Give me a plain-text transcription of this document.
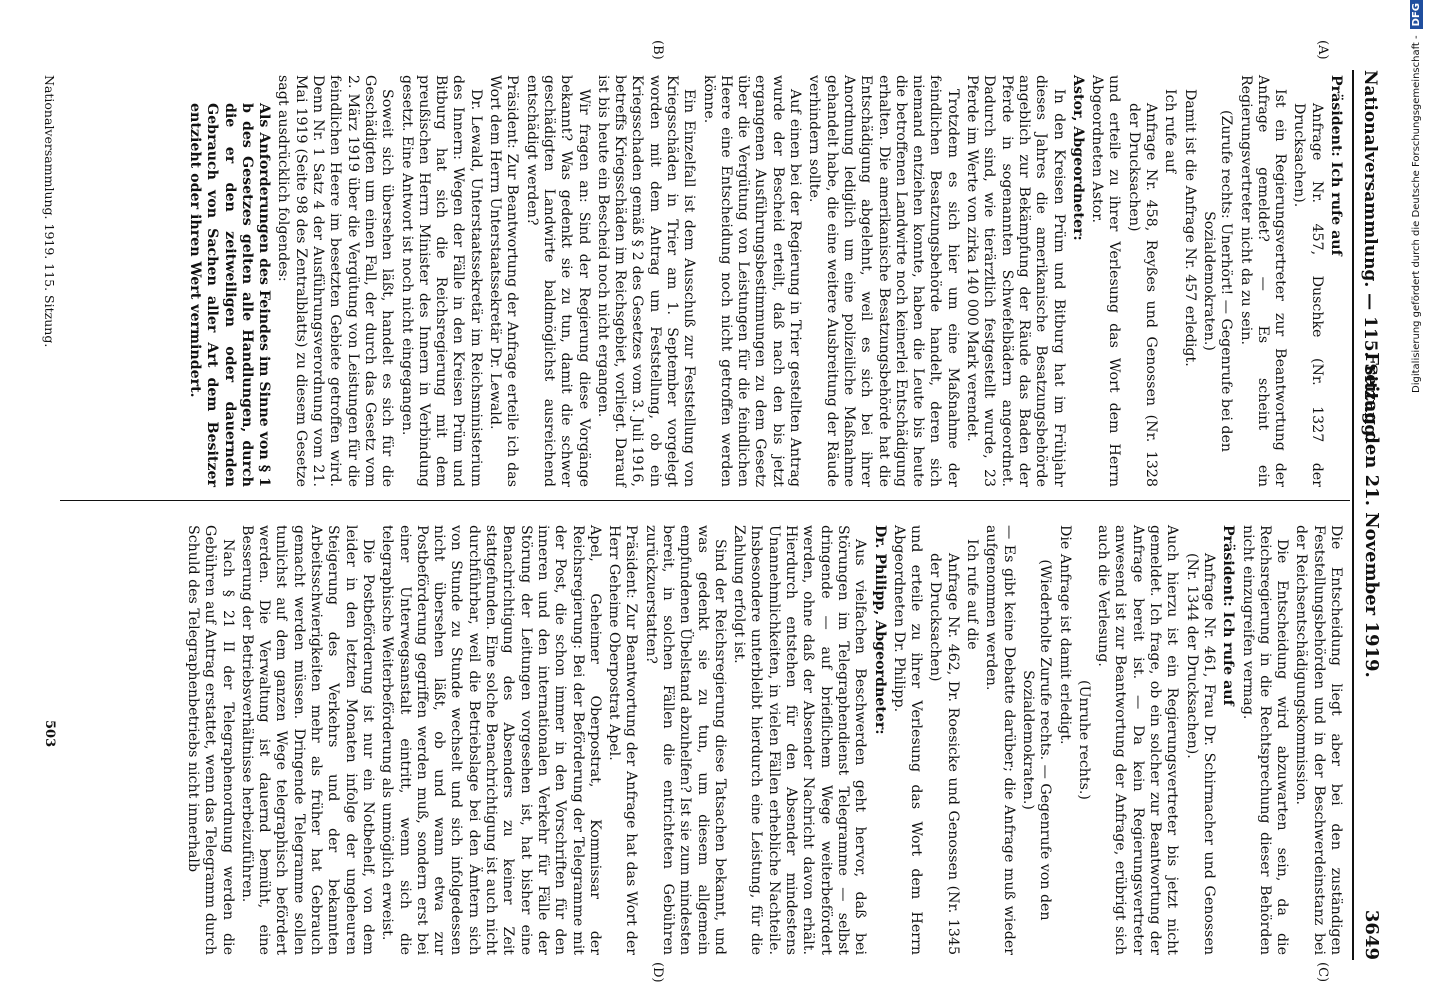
Nationalversammlung. — 115. Sitzung.
Freitag den 21. November 1919.
3649
(A)
(B)
(C)
(D)

Präsident: Ich rufe auf

Anfrage Nr. 457, Duschke (Nr. 1327 der Drucksachen).

Ist ein Regierungsvertreter zur Beantwortung der Anfrage gemeldet? — Es scheint ein Regierungsvertreter nicht da zu sein.

(Zurufe rechts: Unerhört! — Gegenrufe bei den Sozialdemokraten.)

Damit ist die Anfrage Nr. 457 erledigt.

Ich rufe auf

Anfrage Nr. 458, Reyßes und Genossen (Nr. 1328 der Drucksachen)

und erteile zu ihrer Verlesung das Wort dem Herrn Abgeordneten Astor.

Astor, Abgeordneter:

In den Kreisen Prüm und Bitburg hat im Frühjahr dieses Jahres die amerikanische Besatzungsbehörde angeblich zur Bekämpfung der Räude das Baden der Pferde in sogenannten Schwefelbädern angeordnet. Dadurch sind, wie tierärztlich festgestellt wurde, 23 Pferde im Werte von zirka 140 000 Mark verendet.

Trotzdem es sich hier um eine Maßnahme der feindlichen Besatzungsbehörde handelt, deren sich niemand entziehen konnte, haben die Leute bis heute die betroffenen Landwirte noch keinerlei Entschädigung erhalten. Die amerikanische Besatzungsbehörde hat die Entschädigung abgelehnt, weil es sich bei ihrer Anordnung lediglich um eine polizeiliche Maßnahme gehandelt habe, die eine weitere Ausbreitung der Räude verhindern sollte.

Auf einen bei der Regierung in Trier gestellten Antrag wurde der Bescheid erteilt, daß nach den bis jetzt ergangenen Ausführungsbestimmungen zu dem Gesetz über die Vergütung von Leistungen für die feindlichen Heere eine Entscheidung noch nicht getroffen werden könne.

Ein Einzelfall ist dem Ausschuß zur Feststellung von Kriegsschäden in Trier am 1. September vorgelegt worden mit dem Antrag um Feststellung, ob ein Kriegsschaden gemäß § 2 des Gesetzes vom 3. Juli 1916, betreffs Kriegsschäden im Reichsgebiet, vorliegt. Darauf ist bis heute ein Bescheid noch nicht ergangen.

Wir fragen an: Sind der Regierung diese Vorgänge bekannt? Was gedenkt sie zu tun, damit die schwer geschädigten Landwirte baldmöglichst ausreichend entschädigt werden?

Präsident: Zur Beantwortung der Anfrage erteile ich das Wort dem Herrn Unterstaatssekretär Dr. Lewald.

Dr. Lewald, Unterstaatssekretär im Reichsministerium des Innern: Wegen der Fälle in den Kreisen Prüm und Bitburg hat sich die Reichsregierung mit dem preußischen Herrn Minister des Innern in Verbindung gesetzt. Eine Antwort ist noch nicht eingegangen.

Soweit sich übersehen läßt, handelt es sich für die Geschädigten um einen Fall, der durch das Gesetz vom 2. März 1919 über die Vergütung von Leistungen für die feindlichen Heere im besetzten Gebiete getroffen wird. Denn Nr. 1 Satz 4 der Ausführungsverordnung vom 21. Mai 1919 (Seite 98 des Zentralblatts) zu diesem Gesetze sagt ausdrücklich folgendes:

Als Anforderungen des Feindes im Sinne von § 1 b des Gesetzes gelten alle Handlungen, durch die er den zeitweiligen oder dauernden Gebrauch von Sachen aller Art dem Besitzer entzieht oder ihren Wert vermindert.

Die Entscheidung liegt aber bei den zuständigen Feststellungsbehörden und in der Beschwerdeinstanz bei der Reichsentschädigungskommission.

Die Entscheidung wird abzuwarten sein, da die Reichsregierung in die Rechtsprechung dieser Behörden nicht einzugreifen vermag.

Präsident: Ich rufe auf

Anfrage Nr. 461, Frau Dr. Schirmacher und Genossen (Nr. 1344 der Drucksachen).

Auch hierzu ist ein Regierungsvertreter bis jetzt nicht gemeldet. Ich frage, ob ein solcher zur Beantwortung der Anfrage bereit ist. — Da kein Regierungsvertreter anwesend ist zur Beantwortung der Anfrage, erübrigt sich auch die Verlesung.

(Unruhe rechts.)

Die Anfrage ist damit erledigt.

(Wiederholte Zurufe rechts. — Gegenrufe von den Sozialdemokraten.)

— Es gibt keine Debatte darüber; die Anfrage muß wieder aufgenommen werden.

Ich rufe auf die

Anfrage Nr. 462, Dr. Roesicke und Genossen (Nr. 1345 der Drucksachen)

und erteile zu ihrer Verlesung das Wort dem Herrn Abgeordneten Dr. Philipp.

Dr. Philipp, Abgeordneter:

Aus vielfachen Beschwerden geht hervor, daß bei Störungen im Telegraphendienst Telegramme — selbst dringende — auf brieflichem Wege weiterbefördert werden, ohne daß der Absender Nachricht davon erhält. Hierdurch entstehen für den Absender mindestens Unannehmlichkeiten, in vielen Fällen erhebliche Nachteile. Insbesondere unterbleibt hierdurch eine Leistung, für die Zahlung erfolgt ist.

Sind der Reichsregierung diese Tatsachen bekannt, und was gedenkt sie zu tun, um diesem allgemein empfundenen Übelstand abzuhelfen? Ist sie zum mindesten bereit, in solchen Fällen die entrichteten Gebühren zurückzuerstatten?

Präsident: Zur Beantwortung der Anfrage hat das Wort der Herr Geheime Oberpostrat Apel.

Apel, Geheimer Oberpostrat, Kommissar der Reichsregierung: Bei der Beförderung der Telegramme mit der Post, die schon immer in den Vorschriften für den inneren und den internationalen Verkehr für Fälle der Störung der Leitungen vorgesehen ist, hat bisher eine Benachrichtigung des Absenders zu keiner Zeit stattgefunden. Eine solche Benachrichtigung ist auch nicht durchführbar, weil die Betriebslage bei den Ämtern sich von Stunde zu Stunde wechselt und sich infolgedessen nicht übersehen läßt, ob und wann etwa zur Postbeförderung gegriffen werden muß, sondern erst bei einer Unterwegsanstalt eintritt, wenn sich die telegraphische Weiterbeförderung als unmöglich erweist.

Die Postbeförderung ist nur ein Notbehelf, von dem leider in den letzten Monaten infolge der ungeheuren Steigerung des Verkehrs und der bekannten Arbeitsschwierigkeiten mehr als früher hat Gebrauch gemacht werden müssen. Dringende Telegramme sollen tunlichst auf dem ganzen Wege telegraphisch befördert werden. Die Verwaltung ist dauernd bemüht, eine Besserung der Betriebsverhältnisse herbeizuführen.

Nach § 21 II der Telegraphenordnung werden die Gebühren auf Antrag erstattet, wenn das Telegramm durch Schuld des Telegraphenbetriebs nicht innerhalb

Nationalversammlung. 1919. 115. Sitzung.
503
Digitalisierung gefördert durch die Deutsche Forschungsgemeinschaft -DFG
